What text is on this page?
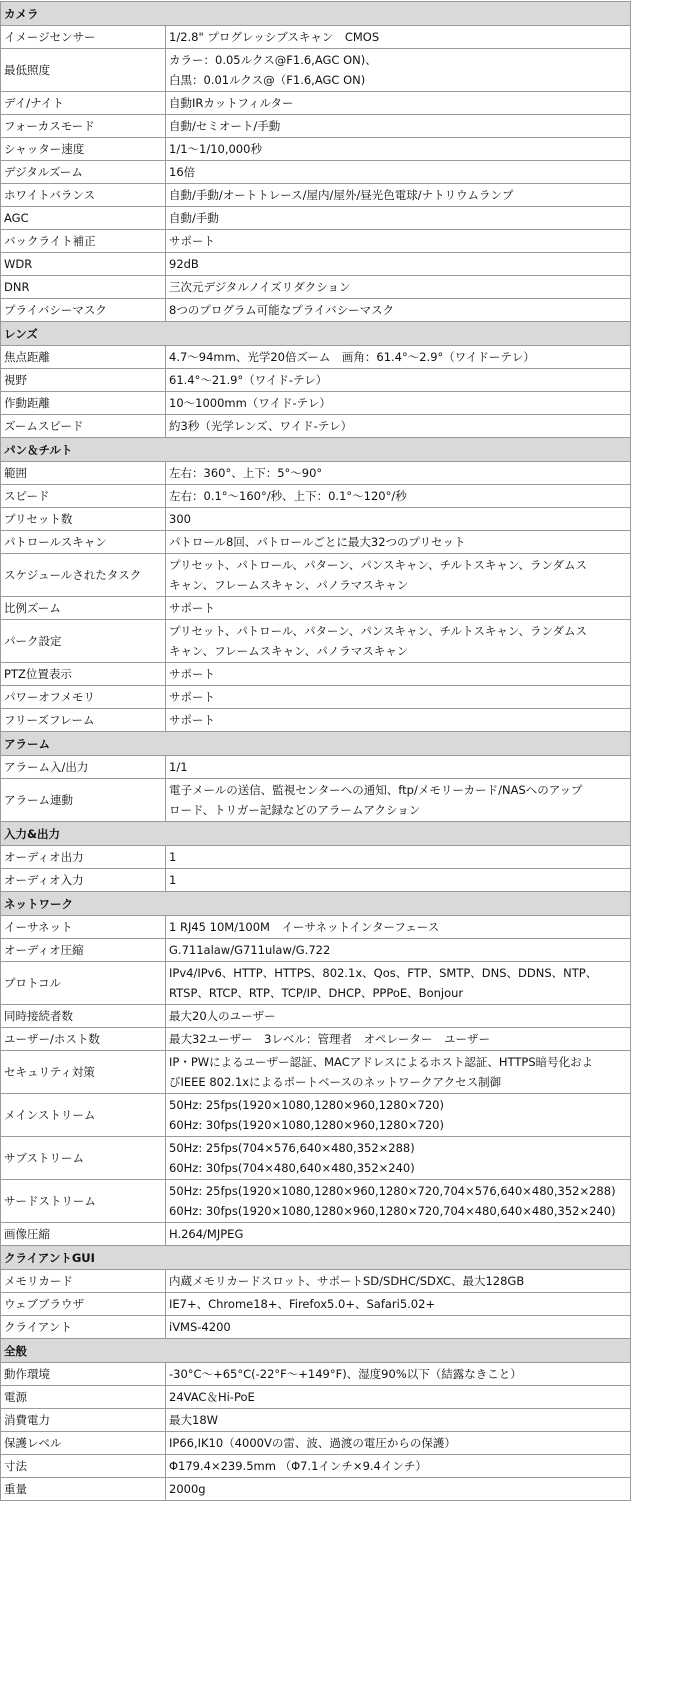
カメラ	
イメージセンサー	1/2.8" プログレッシブスキャン　CMOS

最低照度	カラー：0.05ルクス@F1.6,AGC ON)、
白黒：0.01ルクス@（F1.6,AGC ON)

デイ/ナイト	自動IRカットフィルター

フォーカスモード	自動/セミオート/手動

シャッター速度	1/1～1/10,000秒

デジタルズーム	16倍

ホワイトバランス	自動/手動/オートトレース/屋内/屋外/昼光色電球/ナトリウムランプ

AGC	自動/手動

バックライト補正	サポート

WDR	92dB

DNR	三次元デジタルノイズリダクション

プライバシーマスク	8つのプログラム可能なプライバシーマスク

レンズ	
焦点距離	4.7～94mm、光学20倍ズーム　画角：61.4°～2.9°（ワイドーテレ）

視野	61.4°～21.9°（ワイド-テレ）

作動距離	10～1000mm（ワイド-テレ）

ズームスピード	約3秒（光学レンズ、ワイド-テレ）

パン＆チルト	
範囲	左右：360°、上下：5°～90°

スピード	左右：0.1°～160°/秒、上下：0.1°～120°/秒

プリセット数	300

パトロールスキャン	パトロール8回、パトロールごとに最大32つのプリセット

スケジュールされたタスク	プリセット、パトロール、パターン、パンスキャン、チルトスキャン、ランダムス
キャン、フレームスキャン、パノラマスキャン

比例ズーム	サポート

パーク設定	プリセット、パトロール、パターン、パンスキャン、チルトスキャン、ランダムス
キャン、フレームスキャン、パノラマスキャン

PTZ位置表示	サポート

パワーオフメモリ	サポート

フリーズフレーム	サポート

アラーム	
アラーム入/出力	1/1

アラーム連動	電子メールの送信、監視センターへの通知、ftp/メモリーカード/NASへのアップ
ロード、トリガー記録などのアラームアクション

入力&出力	
オーディオ出力	1

オーディオ入力	1

ネットワーク	
イーサネット	1 RJ45 10M/100M　イーサネットインターフェース

オーディオ圧縮	G.711alaw/G711ulaw/G.722

プロトコル	IPv4/IPv6、HTTP、HTTPS、802.1x、Qos、FTP、SMTP、DNS、DDNS、NTP、
RTSP、RTCP、RTP、TCP/IP、DHCP、PPPoE、Bonjour

同時接続者数	最大20人のユーザー

ユーザー/ホスト数	最大32ユーザー　3レベル：管理者　オペレーター　ユーザー

セキュリティ対策	IP・PWによるユーザー認証、MACアドレスによるホスト認証、HTTPS暗号化およ
びIEEE 802.1xによるポートベースのネットワークアクセス制御

メインストリーム	50Hz: 25fps(1920×1080,1280×960,1280×720)
60Hz: 30fps(1920×1080,1280×960,1280×720)

サブストリーム	50Hz: 25fps(704×576,640×480,352×288)
60Hz: 30fps(704×480,640×480,352×240)

サードストリーム	50Hz: 25fps(1920×1080,1280×960,1280×720,704×576,640×480,352×288)
60Hz: 30fps(1920×1080,1280×960,1280×720,704×480,640×480,352×240)

画像圧縮	H.264/MJPEG

クライアントGUI	
メモリカード	内蔵メモリカードスロット、サポートSD/SDHC/SDXC、最大128GB

ウェブブラウザ	IE7+、Chrome18+、Firefox5.0+、Safari5.02+

クライアント	iVMS-4200

全般	
動作環境	-30°C～+65°C(-22°F～+149°F)、湿度90%以下（結露なきこと）

電源	24VAC＆Hi-PoE

消費電力	最大18W

保護レベル	IP66,IK10（4000Vの雷、波、過渡の電圧からの保護）

寸法	Φ179.4×239.5mm （Φ7.1インチ×9.4インチ）

重量	2000g
